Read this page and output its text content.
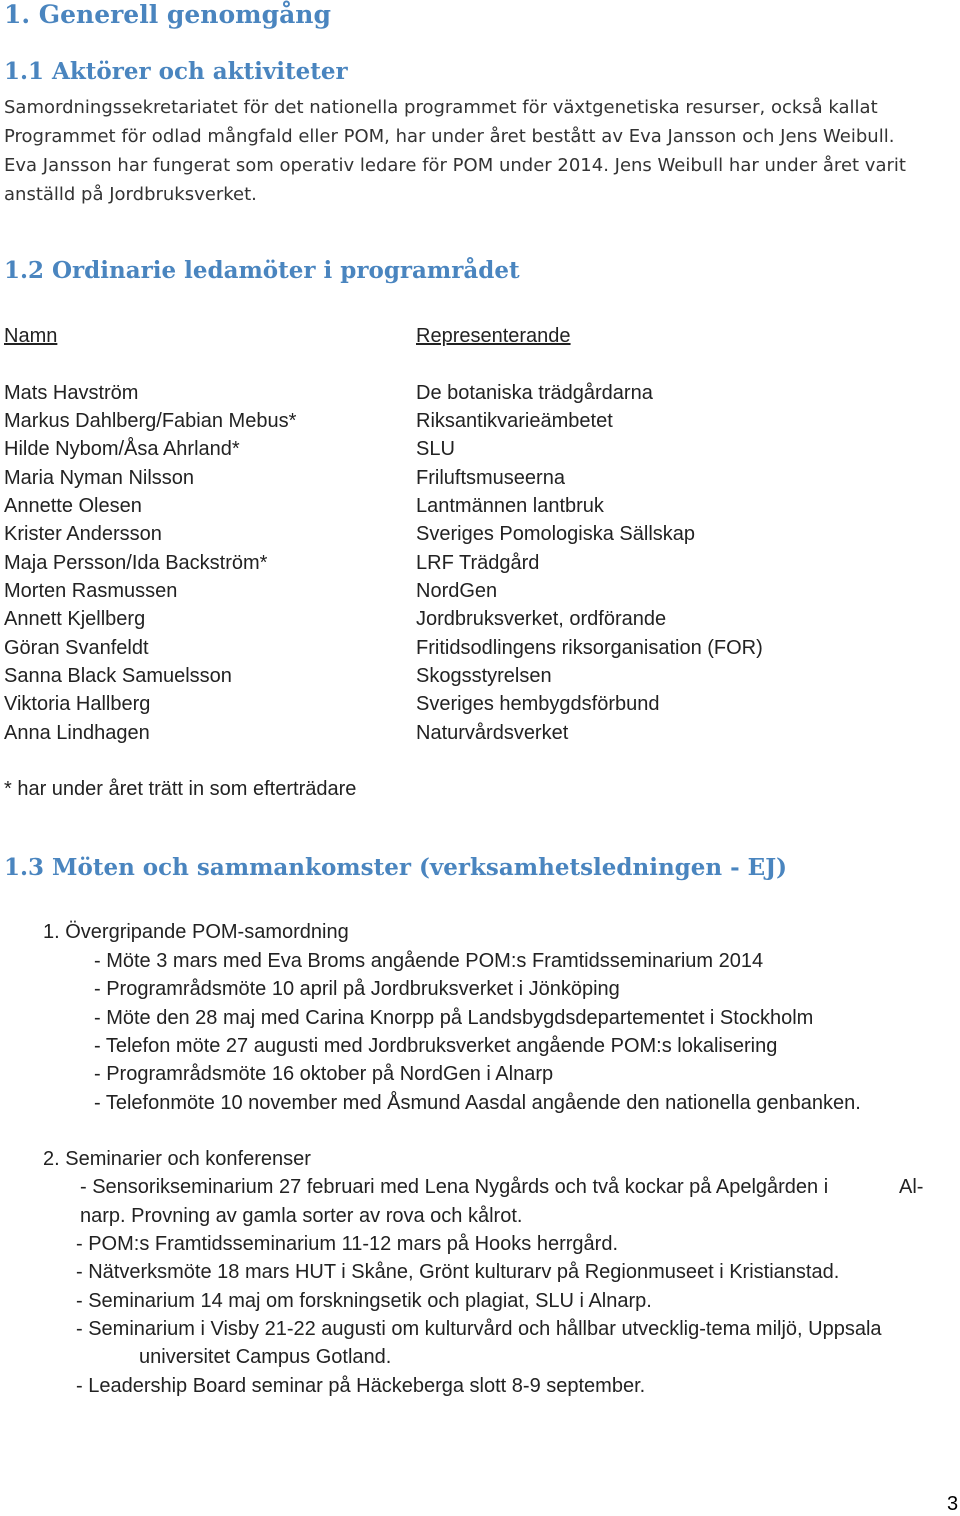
1. Generell genomgång
1.1 Aktörer och aktiviteter
Samordningssekretariatet för det nationella programmet för växtgenetiska resurser, också kallat
Programmet för odlad mångfald eller POM, har under året bestått av Eva Jansson och Jens Weibull.
Eva Jansson har fungerat som operativ ledare för POM under 2014. Jens Weibull har under året varit
anställd på Jordbruksverket.
1.2 Ordinarie ledamöter i programrådet
Namn	Representerande
Mats Havström	De botaniska trädgårdarna
Markus Dahlberg/Fabian Mebus*	Riksantikvarieämbetet
Hilde Nybom/Åsa Ahrland*	SLU
Maria Nyman Nilsson	Friluftsmuseerna
Annette Olesen	Lantmännen lantbruk
Krister Andersson	Sveriges Pomologiska Sällskap
Maja Persson/Ida Backström*	LRF Trädgård
Morten Rasmussen	NordGen
Annett Kjellberg	Jordbruksverket, ordförande
Göran Svanfeldt	Fritidsodlingens riksorganisation (FOR)
Sanna Black Samuelsson	Skogsstyrelsen
Viktoria Hallberg	Sveriges hembygdsförbund
Anna Lindhagen	Naturvårdsverket
* har under året trätt in som efterträdare
1.3 Möten och sammankomster (verksamhetsledningen - EJ)
1. Övergripande POM-samordning
- Möte 3 mars med Eva Broms angående POM:s Framtidsseminarium 2014
- Programrådsmöte 10 april på Jordbruksverket i Jönköping
- Möte den 28 maj med Carina Knorpp på Landsbygdsdepartementet i Stockholm
- Telefon möte 27 augusti med Jordbruksverket angående POM:s lokalisering
- Programrådsmöte 16 oktober på NordGen i Alnarp
- Telefonmöte 10 november med Åsmund Aasdal angående den nationella genbanken.
2. Seminarier och konferenser
- Sensorikseminarium 27 februari med Lena Nygårds och två kockar på Apelgården i	Al-
narp. Provning av gamla sorter av rova och kålrot.
- POM:s Framtidsseminarium 11-12 mars på Hooks herrgård.
- Nätverksmöte 18 mars HUT i Skåne, Grönt kulturarv på Regionmuseet i Kristianstad.
- Seminarium 14 maj om forskningsetik och plagiat, SLU i Alnarp.
- Seminarium i Visby 21-22 augusti om kulturvård och hållbar utvecklig-tema miljö, Uppsala
universitet Campus Gotland.
- Leadership Board seminar på Häckeberga slott 8-9 september.
3
